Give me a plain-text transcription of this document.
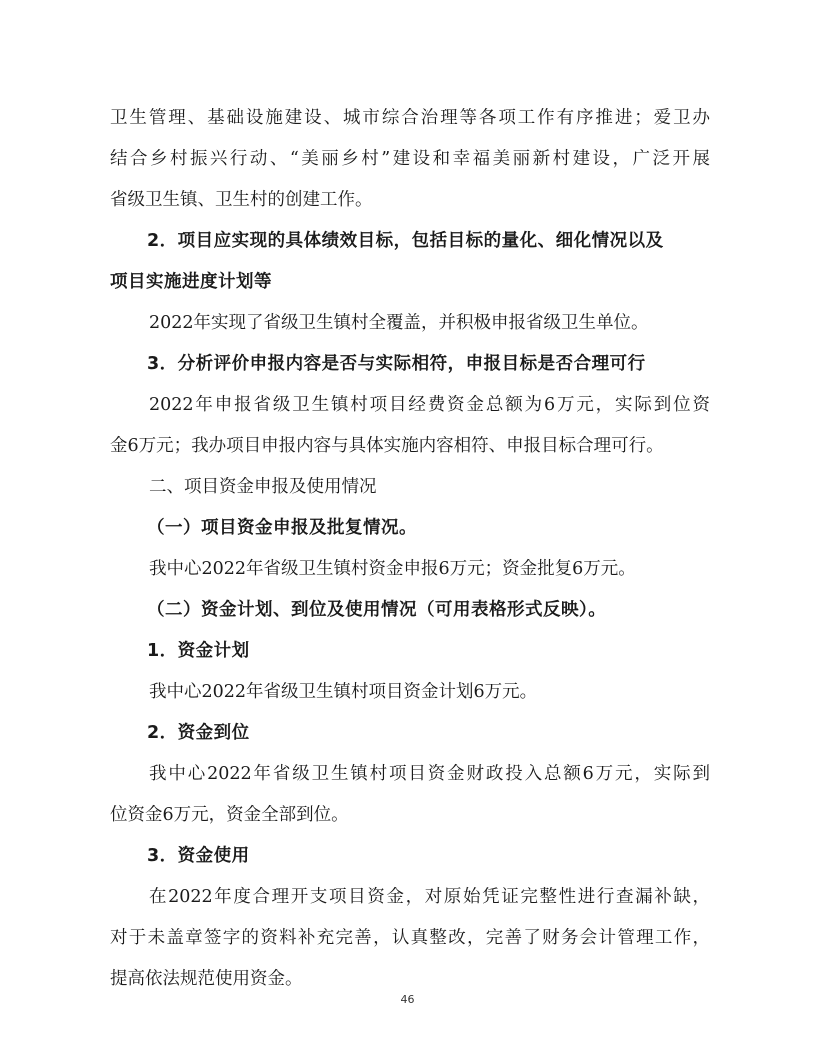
卫生管理、基础设施建设、城市综合治理等各项工作有序推进；爱卫办
结合乡村振兴行动、“美丽乡村”建设和幸福美丽新村建设，广泛开展
省级卫生镇、卫生村的创建工作。
2．项目应实现的具体绩效目标，包括目标的量化、细化情况以及
项目实施进度计划等
2022年实现了省级卫生镇村全覆盖，并积极申报省级卫生单位。
3．分析评价申报内容是否与实际相符，申报目标是否合理可行
2022年申报省级卫生镇村项目经费资金总额为6万元，实际到位资
金6万元；我办项目申报内容与具体实施内容相符、申报目标合理可行。
二、项目资金申报及使用情况
（一）项目资金申报及批复情况。
我中心2022年省级卫生镇村资金申报6万元；资金批复6万元。
（二）资金计划、到位及使用情况（可用表格形式反映）。
1．资金计划
我中心2022年省级卫生镇村项目资金计划6万元。
2．资金到位
我中心2022年省级卫生镇村项目资金财政投入总额6万元，实际到
位资金6万元，资金全部到位。
3．资金使用
在2022年度合理开支项目资金，对原始凭证完整性进行查漏补缺，
对于未盖章签字的资料补充完善，认真整改，完善了财务会计管理工作，
提高依法规范使用资金。
46
